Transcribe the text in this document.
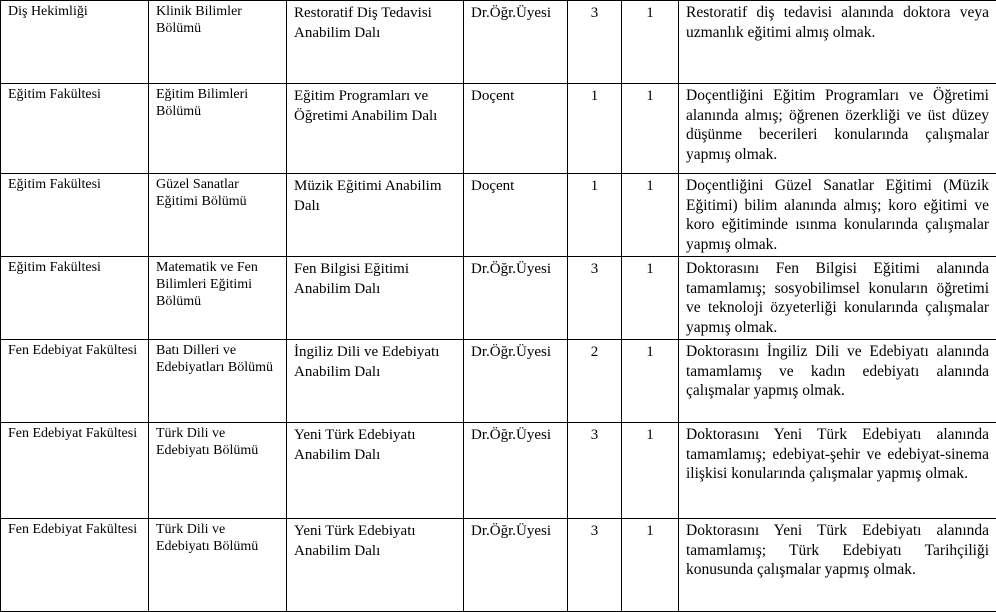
Diş Hekimliği	Klinik Bilimler Bölümü	Restoratif Diş Tedavisi Anabilim Dalı	Dr.Öğr.Üyesi	3	1	Restoratif diş tedavisi alanında doktora veya uzmanlık eğitimi almış olmak.
Eğitim Fakültesi	Eğitim Bilimleri Bölümü	Eğitim Programları ve Öğretimi Anabilim Dalı	Doçent	1	1	Doçentliğini Eğitim Programları ve Öğretimi alanında almış; öğrenen özerkliği ve üst düzey düşünme becerileri konularında çalışmalar yapmış olmak.
Eğitim Fakültesi	Güzel Sanatlar Eğitimi Bölümü	Müzik Eğitimi Anabilim Dalı	Doçent	1	1	Doçentliğini Güzel Sanatlar Eğitimi (Müzik Eğitimi) bilim alanında almış; koro eğitimi ve koro eğitiminde ısınma konularında çalışmalar yapmış olmak.
Eğitim Fakültesi	Matematik ve Fen Bilimleri Eğitimi Bölümü	Fen Bilgisi Eğitimi Anabilim Dalı	Dr.Öğr.Üyesi	3	1	Doktorasını Fen Bilgisi Eğitimi alanında tamamlamış; sosyobilimsel konuların öğretimi ve teknoloji özyeterliği konularında çalışmalar yapmış olmak.
Fen Edebiyat Fakültesi	Batı Dilleri ve Edebiyatları Bölümü	İngiliz Dili ve Edebiyatı Anabilim Dalı	Dr.Öğr.Üyesi	2	1	Doktorasını İngiliz Dili ve Edebiyatı alanında tamamlamış ve kadın edebiyatı alanında çalışmalar yapmış olmak.
Fen Edebiyat Fakültesi	Türk Dili ve Edebiyatı Bölümü	Yeni Türk Edebiyatı Anabilim Dalı	Dr.Öğr.Üyesi	3	1	Doktorasını Yeni Türk Edebiyatı alanında tamamlamış; edebiyat-şehir ve edebiyat-sinema ilişkisi konularında çalışmalar yapmış olmak.
Fen Edebiyat Fakültesi	Türk Dili ve Edebiyatı Bölümü	Yeni Türk Edebiyatı Anabilim Dalı	Dr.Öğr.Üyesi	3	1	Doktorasını Yeni Türk Edebiyatı alanında tamamlamış; Türk Edebiyatı Tarihçiliği konusunda çalışmalar yapmış olmak.
